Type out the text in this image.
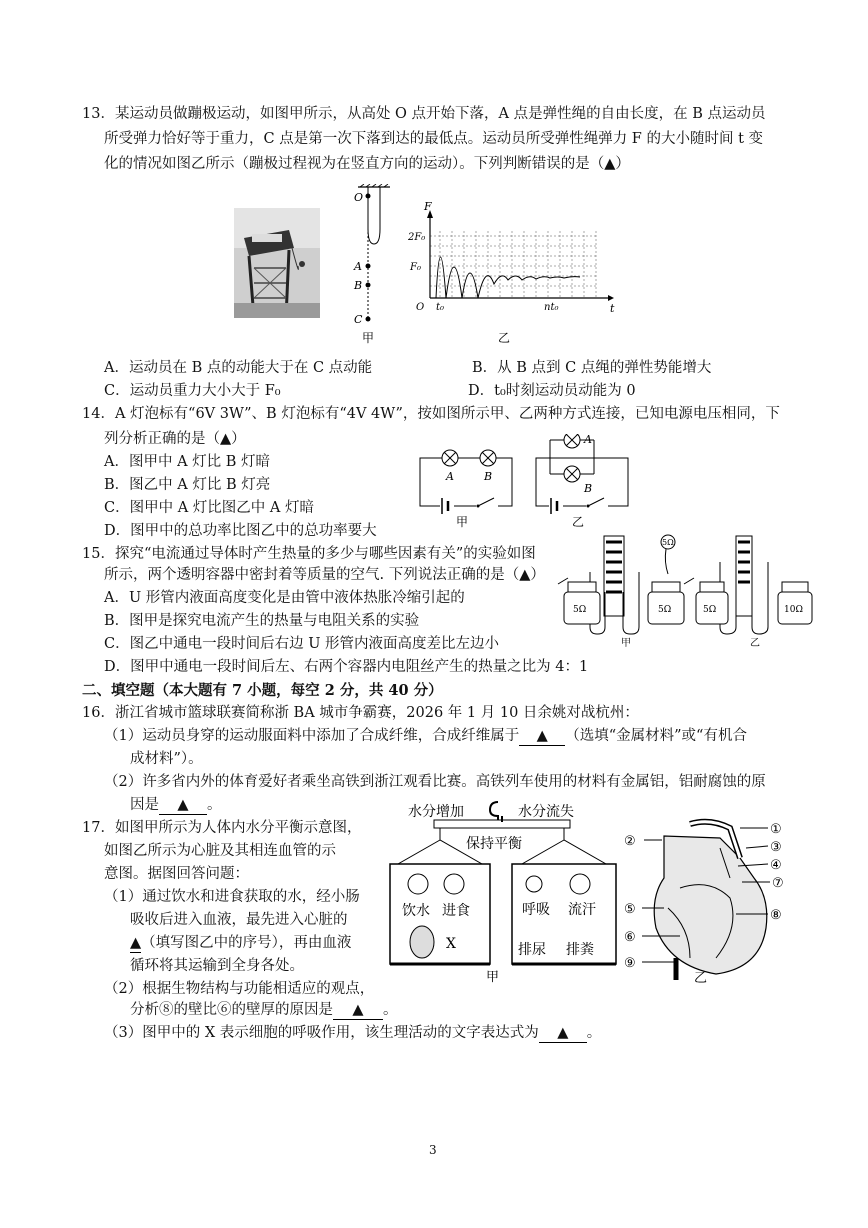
13．某运动员做蹦极运动，如图甲所示，从高处 O 点开始下落，A 点是弹性绳的自由长度，在 B 点运动员
所受弹力恰好等于重力，C 点是第一次下落到达的最低点。运动员所受弹性绳弹力 F 的大小随时间 t 变
化的情况如图乙所示（蹦极过程视为在竖直方向的运动）。下列判断错误的是（▲）
O
A
B
C
甲
F
t
2F₀
F₀
O t₀	nt₀
乙
A．运动员在 B 点的动能大于在 C 点动能	B．从 B 点到 C 点绳的弹性势能增大
C．运动员重力大小大于 F₀	D．t₀时刻运动员动能为 0
14．A 灯泡标有“6V 3W”、B 灯泡标有“4V 4W”，按如图所示甲、乙两种方式连接，已知电源电压相同，下
列分析正确的是（▲）
A．图甲中 A 灯比 B 灯暗
B．图乙中 A 灯比 B 灯亮
C．图甲中 A 灯比图乙中 A 灯暗
D．图甲中的总功率比图乙中的总功率要大
A	B
甲
A
B
乙
15．探究“电流通过导体时产生热量的多少与哪些因素有关”的实验如图
所示，两个透明容器中密封着等质量的空气. 下列说法正确的是（▲）
A．U 形管内液面高度变化是由管中液体热胀冷缩引起的
B．图甲是探究电流产生的热量与电阻关系的实验
C．图乙中通电一段时间后右边 U 形管内液面高度差比左边小
D．图甲中通电一段时间后左、右两个容器内电阻丝产生的热量之比为 4：1
5Ω	5Ω
5Ω
甲
5Ω	10Ω
乙
二、填空题（本大题有 7 小题，每空 2 分，共 40 分）
16．浙江省城市篮球联赛简称浙 BA 城市争霸赛，2026 年 1 月 10 日余姚对战杭州：
（1）运动员身穿的运动服面料中添加了合成纤维，合成纤维属于 ▲ （选填“金属材料”或“有机合
成材料”）。
（2）许多省内外的体育爱好者乘坐高铁到浙江观看比赛。高铁列车使用的材料有金属铝，铝耐腐蚀的原
因是 ▲ 。
17．如图甲所示为人体内水分平衡示意图，
如图乙所示为心脏及其相连血管的示
意图。据图回答问题：
（1）通过饮水和进食获取的水，经小肠
吸收后进入血液，最先进入心脏的
▲（填写图乙中的序号），再由血液
循环将其运输到全身各处。
（2）根据生物结构与功能相适应的观点，
分析⑧的壁比⑥的壁厚的原因是 ▲ 。
（3）图甲中的 X 表示细胞的呼吸作用，该生理活动的文字表达式为 ▲ 。
水分增加	水分流失
保持平衡
饮水 进食
X
呼吸 流汗
排尿 排粪
甲
①
②	③
④
⑤
⑥
⑦
⑧
⑨
乙
3
